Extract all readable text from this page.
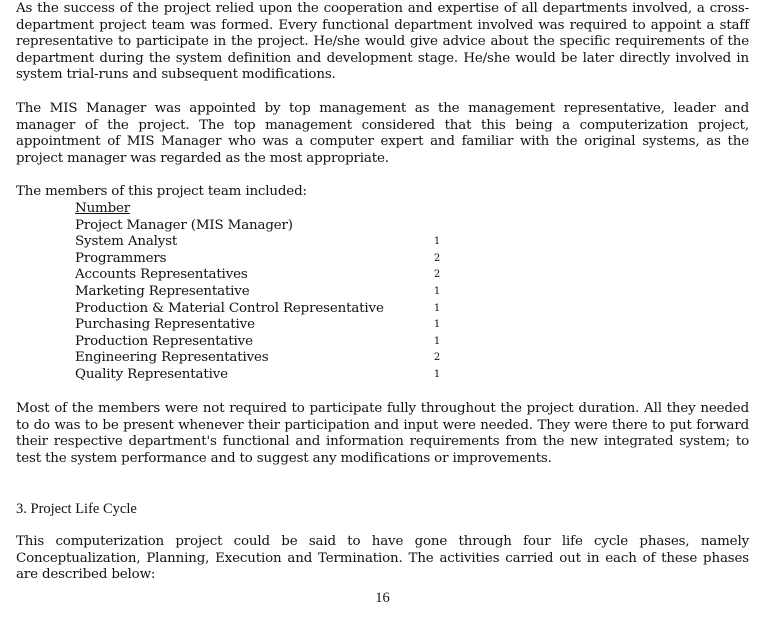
As the success of the project relied upon the cooperation and expertise of all departments involved, a cross-department project team was formed. Every functional department involved was required to appoint a staff representative to participate in the project. He/she would give advice about the specific requirements of the department during the system definition and development stage. He/she would be later directly involved in system trial-runs and subsequent modifications.

The MIS Manager was appointed by top management as the management representative, leader and manager of the project. The top management considered that this being a computerization project, appointment of MIS Manager who was a computer expert and familiar with the original systems, as the project manager was regarded as the most appropriate.

The members of this project team included:

Number
Project Manager (MIS Manager)
System Analyst	1
Programmers	2
Accounts Representatives	2
Marketing Representative	1
Production & Material Control Representative	1
Purchasing Representative	1
Production Representative	1
Engineering Representatives	2
Quality Representative	1

Most of the members were not required to participate fully throughout the project duration. All they needed to do was to be present whenever their participation and input were needed. They were there to put forward their respective department's functional and information requirements from the new integrated system; to test the system performance and to suggest any modifications or improvements.

3. Project Life Cycle

This computerization project could be said to have gone through four life cycle phases, namely Conceptualization, Planning, Execution and Termination. The activities carried out in each of these phases are described below:

16
